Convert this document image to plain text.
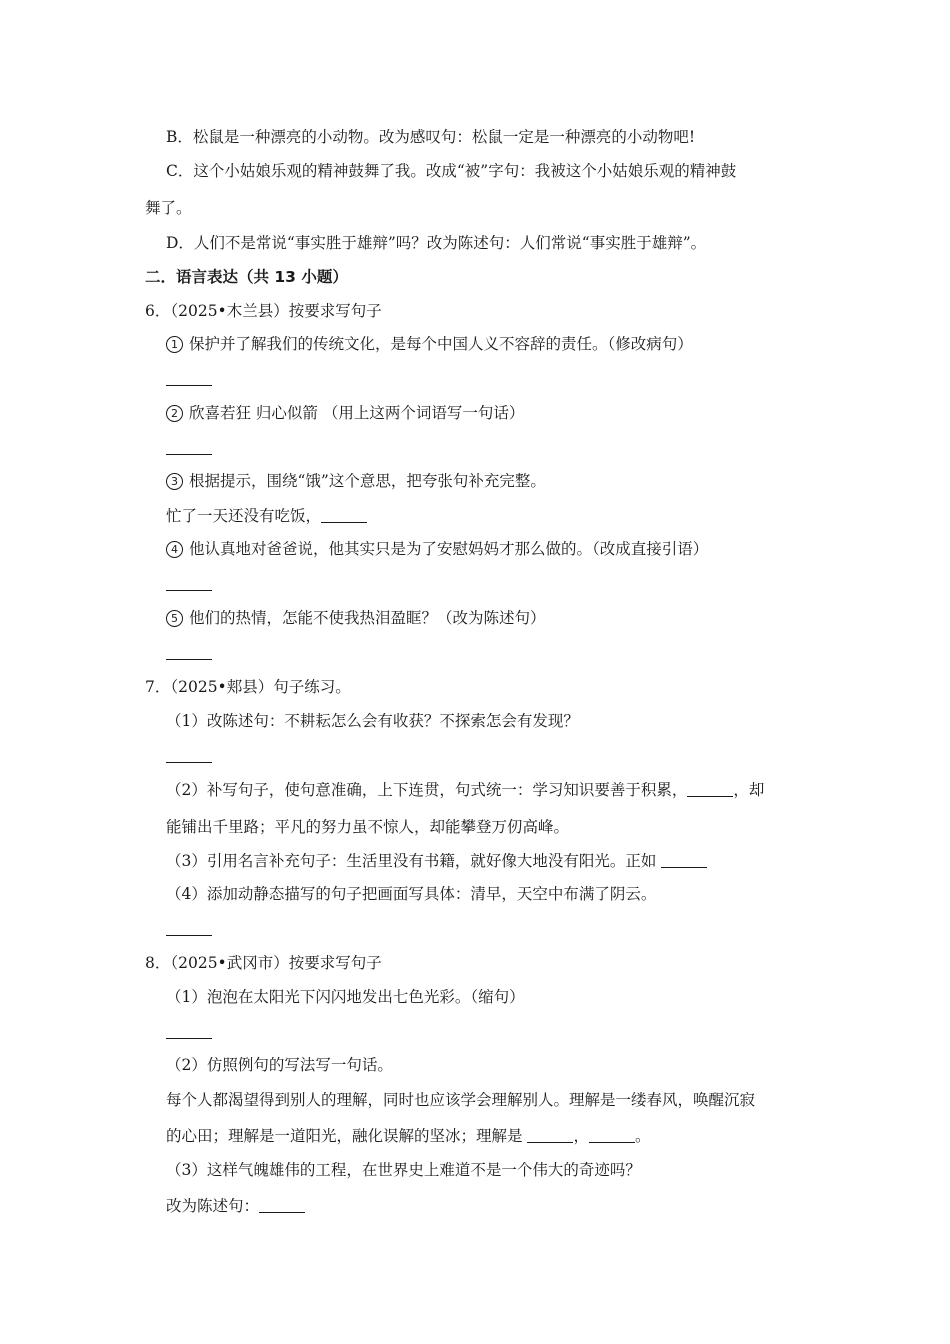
B．松鼠是一种漂亮的小动物。改为感叹句：松鼠一定是一种漂亮的小动物吧!
C．这个小姑娘乐观的精神鼓舞了我。改成“被”字句：我被这个小姑娘乐观的精神鼓
舞了。
D．人们不是常说“事实胜于雄辩”吗？改为陈述句：人们常说“事实胜于雄辩”。
二．语言表达（共 13 小题）
6．（2025•木兰县）按要求写句子
1 保护并了解我们的传统文化，是每个中国人义不容辞的责任。（修改病句）
2 欣喜若狂 归心似箭 （用上这两个词语写一句话）
3 根据提示，围绕“饿”这个意思，把夸张句补充完整。
忙了一天还没有吃饭，
4 他认真地对爸爸说，他其实只是为了安慰妈妈才那么做的。（改成直接引语）
5 他们的热情，怎能不使我热泪盈眶？（改为陈述句）
7．（2025•郏县）句子练习。
（1）改陈述句：不耕耘怎么会有收获？不探索怎会有发现？
（2）补写句子，使句意准确，上下连贯，句式统一：学习知识要善于积累，	，却
能铺出千里路；平凡的努力虽不惊人，却能攀登万仞高峰。
（3）引用名言补充句子：生活里没有书籍，就好像大地没有阳光。正如
（4）添加动静态描写的句子把画面写具体：清早，天空中布满了阴云。
8．（2025•武冈市）按要求写句子
（1）泡泡在太阳光下闪闪地发出七色光彩。（缩句）
（2）仿照例句的写法写一句话。
每个人都渴望得到别人的理解，同时也应该学会理解别人。理解是一缕春风，唤醒沉寂
的心田；理解是一道阳光，融化误解的坚冰；理解是	，	。
（3）这样气魄雄伟的工程，在世界史上难道不是一个伟大的奇迹吗？
改为陈述句：
